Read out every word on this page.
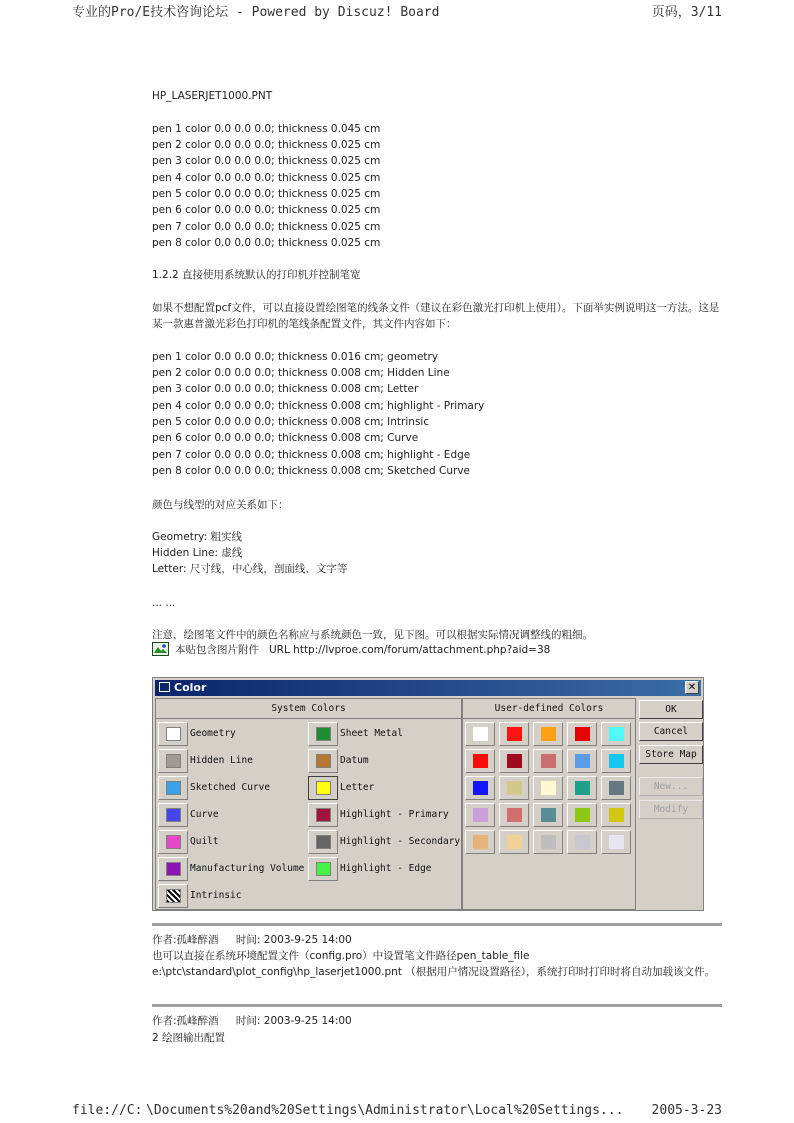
专业的Pro/E技术咨询论坛 - Powered by Discuz! Board	页码，3/11
HP_LASERJET1000.PNT
pen 1 color 0.0 0.0 0.0; thickness 0.045 cm
pen 2 color 0.0 0.0 0.0; thickness 0.025 cm
pen 3 color 0.0 0.0 0.0; thickness 0.025 cm
pen 4 color 0.0 0.0 0.0; thickness 0.025 cm
pen 5 color 0.0 0.0 0.0; thickness 0.025 cm
pen 6 color 0.0 0.0 0.0; thickness 0.025 cm
pen 7 color 0.0 0.0 0.0; thickness 0.025 cm
pen 8 color 0.0 0.0 0.0; thickness 0.025 cm
1.2.2 直接使用系统默认的打印机并控制笔宽
如果不想配置pcf文件，可以直接设置绘图笔的线条文件（建议在彩色激光打印机上使用）。下面举实例说明这一方法。这是某一款惠普激光彩色打印机的笔线条配置文件，其文件内容如下：
pen 1 color 0.0 0.0 0.0; thickness 0.016 cm; geometry
pen 2 color 0.0 0.0 0.0; thickness 0.008 cm; Hidden Line
pen 3 color 0.0 0.0 0.0; thickness 0.008 cm; Letter
pen 4 color 0.0 0.0 0.0; thickness 0.008 cm; highlight - Primary
pen 5 color 0.0 0.0 0.0; thickness 0.008 cm; Intrinsic
pen 6 color 0.0 0.0 0.0; thickness 0.008 cm; Curve
pen 7 color 0.0 0.0 0.0; thickness 0.008 cm; highlight - Edge
pen 8 color 0.0 0.0 0.0; thickness 0.008 cm; Sketched Curve
颜色与线型的对应关系如下：
Geometry: 粗实线
Hidden Line: 虚线
Letter: 尺寸线，中心线，剖面线、文字等
... ...
注意，绘图笔文件中的颜色名称应与系统颜色一致，见下图。可以根据实际情况调整线的粗细。
本贴包含图片附件 URL http://lvproe.com/forum/attachment.php?aid=38
Color	✕
System Colors
Geometry
Hidden Line
Sketched Curve
Curve
Quilt
Manufacturing Volume
Intrinsic
Sheet Metal
Datum
Letter
Highlight - Primary
Highlight - Secondary
Highlight - Edge
User-defined Colors	OK
Cancel
Store Map
New...
Modify
作者:孤峰醉酒 时间: 2003-9-25 14:00
也可以直接在系统环境配置文件（config.pro）中设置笔文件路径pen_table_file e:\ptc\standard\plot_config\hp_laserjet1000.pnt （根据用户情况设置路径），系统打印时打印时将自动加载该文件。
作者:孤峰醉酒 时间: 2003-9-25 14:00
2 绘图输出配置
file://C: \Documents%20and%20Settings\Administrator\Local%20Settings... 2005-3-23
